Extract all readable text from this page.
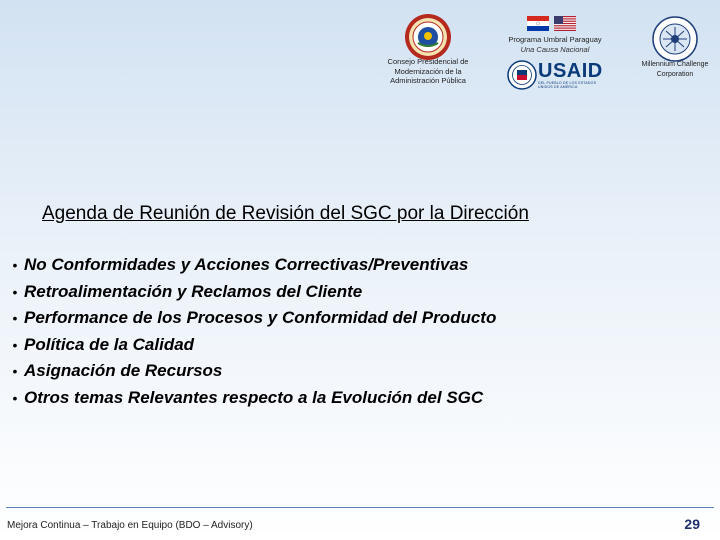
Consejo Presidencial de
Modernización de la
Administración Pública
Programa Umbral Paraguay
Una Causa Nacional
USAID
DEL PUEBLO DE LOS ESTADOS UNIDOS DE AMÉRICA
Millennium Challenge
Corporation
Agenda de Reunión de Revisión del SGC por la Dirección
• No Conformidades y Acciones Correctivas/Preventivas
• Retroalimentación y Reclamos del Cliente
• Performance de los Procesos y Conformidad del Producto
• Política de la Calidad
• Asignación de Recursos
• Otros temas Relevantes respecto a la Evolución del SGC
Mejora Continua – Trabajo en Equipo (BDO – Advisory)	29
